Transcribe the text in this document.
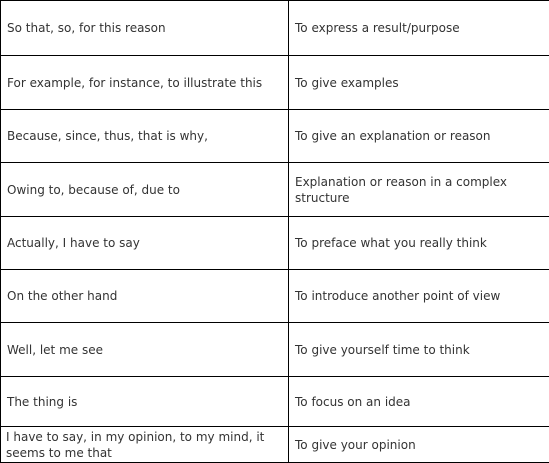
So that, so, for this reason	To express a result/purpose
For example, for instance, to illustrate this	To give examples
Because, since, thus, that is why,	To give an explanation or reason
Owing to, because of, due to	Explanation or reason in a complex structure
Actually, I have to say	To preface what you really think
On the other hand	To introduce another point of view
Well, let me see	To give yourself time to think
The thing is	To focus on an idea
I have to say, in my opinion, to my mind, it seems to me that	To give your opinion
